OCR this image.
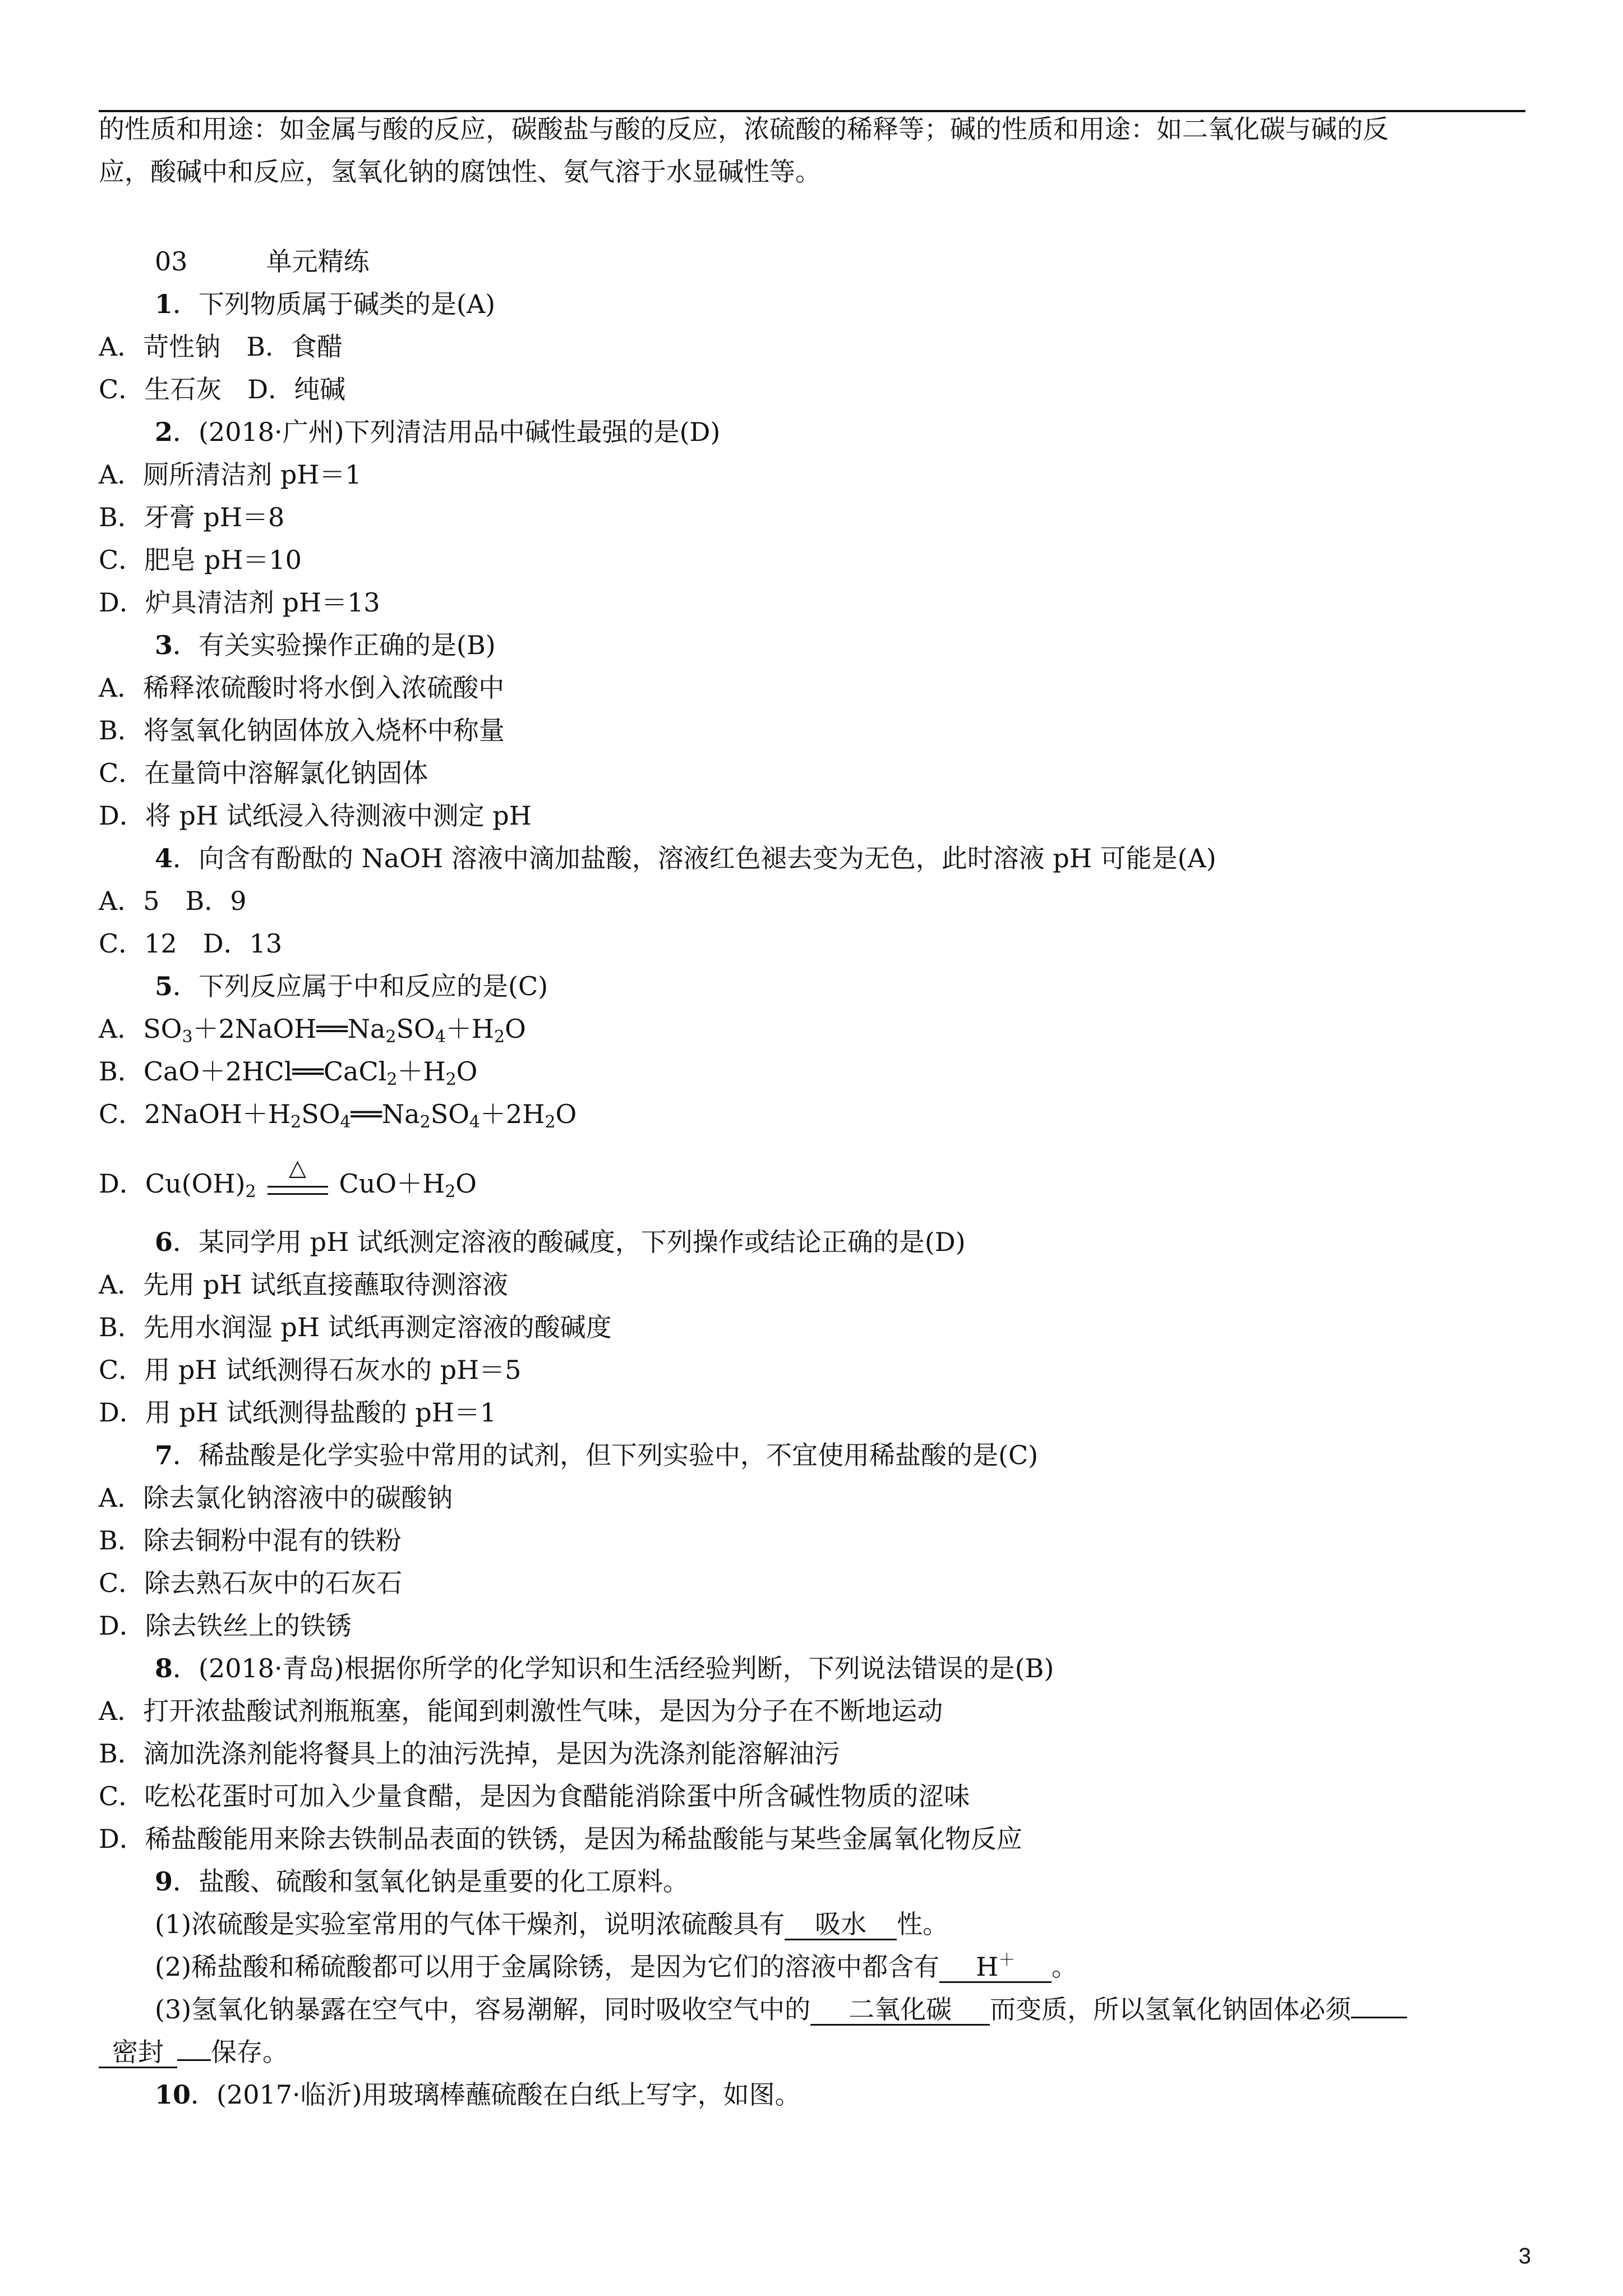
的性质和用途：如金属与酸的反应，碳酸盐与酸的反应，浓硫酸的稀释等；碱的性质和用途：如二氧化碳与碱的反
应，酸碱中和反应，氢氧化钠的腐蚀性、氨气溶于水显碱性等。
03	单元精练
1．下列物质属于碱类的是(A)
A．苛性钠　B．食醋
C．生石灰　D．纯碱
2．(2018·广州)下列清洁用品中碱性最强的是(D)
A．厕所清洁剂 pH＝1
B．牙膏 pH＝8
C．肥皂 pH＝10
D．炉具清洁剂 pH＝13
3．有关实验操作正确的是(B)
A．稀释浓硫酸时将水倒入浓硫酸中
B．将氢氧化钠固体放入烧杯中称量
C．在量筒中溶解氯化钠固体
D．将 pH 试纸浸入待测液中测定 pH
4．向含有酚酞的 NaOH 溶液中滴加盐酸，溶液红色褪去变为无色，此时溶液 pH 可能是(A)
A．5　B．9
C．12　D．13
5．下列反应属于中和反应的是(C)
A．$SO_3+2NaOH══Na_2SO_4+H_2O$
B．$CaO+2HCl══CaCl_2+H_2O$
C．$2NaOH+H_2SO_4══Na_2SO_4+2H_2O$
D．$Cu(OH)_2$
△
$CuO+H_2O$
6．某同学用 pH 试纸测定溶液的酸碱度，下列操作或结论正确的是(D)
A．先用 pH 试纸直接蘸取待测溶液
B．先用水润湿 pH 试纸再测定溶液的酸碱度
C．用 pH 试纸测得石灰水的 pH＝5
D．用 pH 试纸测得盐酸的 pH＝1
7．稀盐酸是化学实验中常用的试剂，但下列实验中，不宜使用稀盐酸的是(C)
A．除去氯化钠溶液中的碳酸钠
B．除去铜粉中混有的铁粉
C．除去熟石灰中的石灰石
D．除去铁丝上的铁锈
8．(2018·青岛)根据你所学的化学知识和生活经验判断，下列说法错误的是(B)
A．打开浓盐酸试剂瓶瓶塞，能闻到刺激性气味，是因为分子在不断地运动
B．滴加洗涤剂能将餐具上的油污洗掉，是因为洗涤剂能溶解油污
C．吃松花蛋时可加入少量食醋，是因为食醋能消除蛋中所含碱性物质的涩味
D．稀盐酸能用来除去铁制品表面的铁锈，是因为稀盐酸能与某些金属氧化物反应
9．盐酸、硫酸和氢氧化钠是重要的化工原料。
(1)浓硫酸是实验室常用的气体干燥剂，说明浓硫酸具有 吸水 性。
(2)稀盐酸和稀硫酸都可以用于金属除锈，是因为它们的溶液中都含有 H＋ 。
(3)氢氧化钠暴露在空气中，容易潮解，同时吸收空气中的 二氧化碳 而变质，所以氢氧化钠固体必须
密封 保存。
10．(2017·临沂)用玻璃棒蘸硫酸在白纸上写字，如图。
3
